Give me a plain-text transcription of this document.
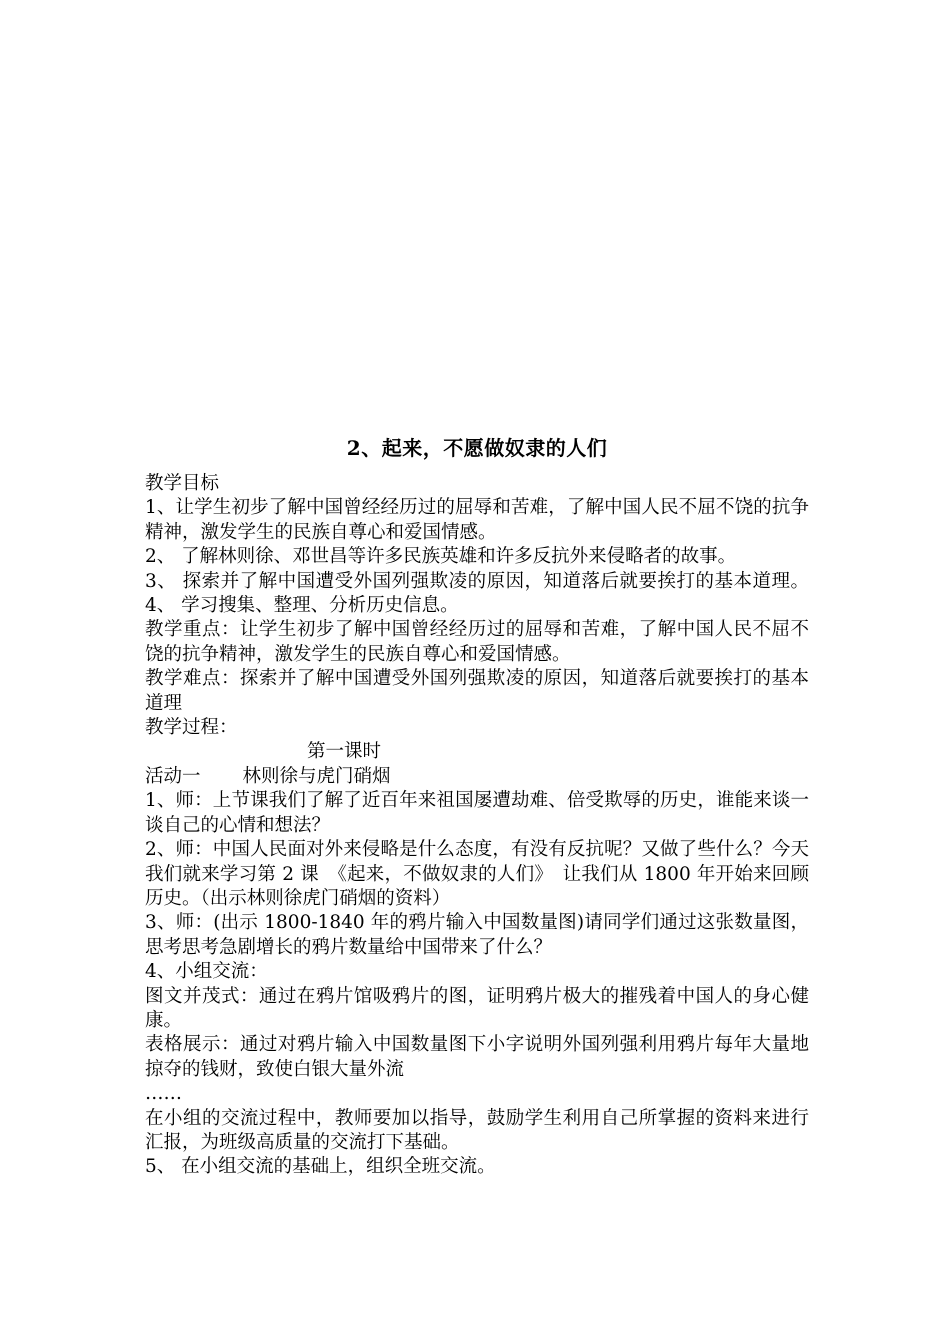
2、起来，不愿做奴隶的人们

教学目标

1、让学生初步了解中国曾经经历过的屈辱和苦难，了解中国人民不屈不饶的抗争精神，激发学生的民族自尊心和爱国情感。

2、 了解林则徐、邓世昌等许多民族英雄和许多反抗外来侵略者的故事。

3、 探索并了解中国遭受外国列强欺凌的原因，知道落后就要挨打的基本道理。4、 学习搜集、整理、分析历史信息。

教学重点：让学生初步了解中国曾经经历过的屈辱和苦难，了解中国人民不屈不饶的抗争精神，激发学生的民族自尊心和爱国情感。

教学难点：探索并了解中国遭受外国列强欺凌的原因，知道落后就要挨打的基本道理

教学过程：

第一课时

活动一 林则徐与虎门硝烟

1、师：上节课我们了解了近百年来祖国屡遭劫难、倍受欺辱的历史，谁能来谈一谈自己的心情和想法？

2、师：中国人民面对外来侵略是什么态度，有没有反抗呢？又做了些什么？今天我们就来学习第 2 课　《起来，不做奴隶的人们》　让我们从 1800 年开始来回顾历史。（出示林则徐虎门硝烟的资料）

3、师：(出示 1800-1840 年的鸦片输入中国数量图)请同学们通过这张数量图，思考思考急剧增长的鸦片数量给中国带来了什么？

4、小组交流：

图文并茂式：通过在鸦片馆吸鸦片的图，证明鸦片极大的摧残着中国人的身心健康。

表格展示：通过对鸦片输入中国数量图下小字说明外国列强利用鸦片每年大量地掠夺的钱财，致使白银大量外流

……

在小组的交流过程中，教师要加以指导，鼓励学生利用自己所掌握的资料来进行汇报，为班级高质量的交流打下基础。

5、 在小组交流的基础上，组织全班交流。
